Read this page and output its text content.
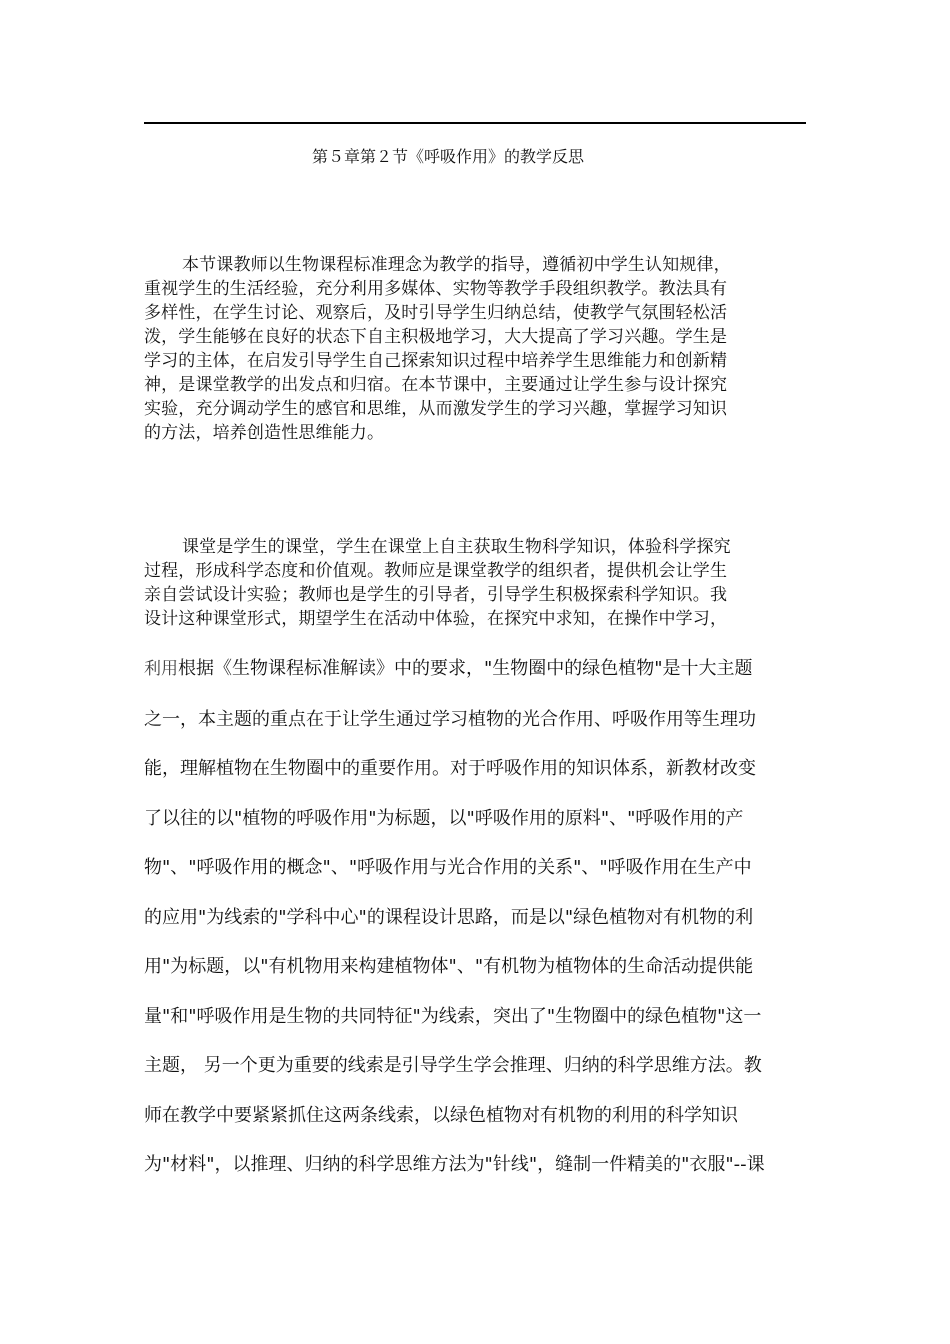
第５章第２节《呼吸作用》的教学反思
本节课教师以生物课程标准理念为教学的指导，遵循初中学生认知规律，
重视学生的生活经验，充分利用多媒体、实物等教学手段组织教学。教法具有
多样性，在学生讨论、观察后，及时引导学生归纳总结，使教学气氛围轻松活
泼，学生能够在良好的状态下自主积极地学习，大大提高了学习兴趣。学生是
学习的主体，在启发引导学生自己探索知识过程中培养学生思维能力和创新精
神，是课堂教学的出发点和归宿。在本节课中，主要通过让学生参与设计探究
实验，充分调动学生的感官和思维，从而激发学生的学习兴趣，掌握学习知识
的方法，培养创造性思维能力。
课堂是学生的课堂，学生在课堂上自主获取生物科学知识，体验科学探究
过程，形成科学态度和价值观。教师应是课堂教学的组织者，提供机会让学生
亲自尝试设计实验；教师也是学生的引导者，引导学生积极探索科学知识。我
设计这种课堂形式，期望学生在活动中体验，在探究中求知，在操作中学习，
利用根据《生物课程标准解读》中的要求，"生物圈中的绿色植物"是十大主题
之一，本主题的重点在于让学生通过学习植物的光合作用、呼吸作用等生理功
能，理解植物在生物圈中的重要作用。对于呼吸作用的知识体系，新教材改变
了以往的以"植物的呼吸作用"为标题，以"呼吸作用的原料"、"呼吸作用的产
物"、"呼吸作用的概念"、"呼吸作用与光合作用的关系"、"呼吸作用在生产中
的应用"为线索的"学科中心"的课程设计思路，而是以"绿色植物对有机物的利
用"为标题，以"有机物用来构建植物体"、"有机物为植物体的生命活动提供能
量"和"呼吸作用是生物的共同特征"为线索，突出了"生物圈中的绿色植物"这一
主题， 另一个更为重要的线索是引导学生学会推理、归纳的科学思维方法。教
师在教学中要紧紧抓住这两条线索，以绿色植物对有机物的利用的科学知识
为"材料"，以推理、归纳的科学思维方法为"针线"，缝制一件精美的"衣服"--课
